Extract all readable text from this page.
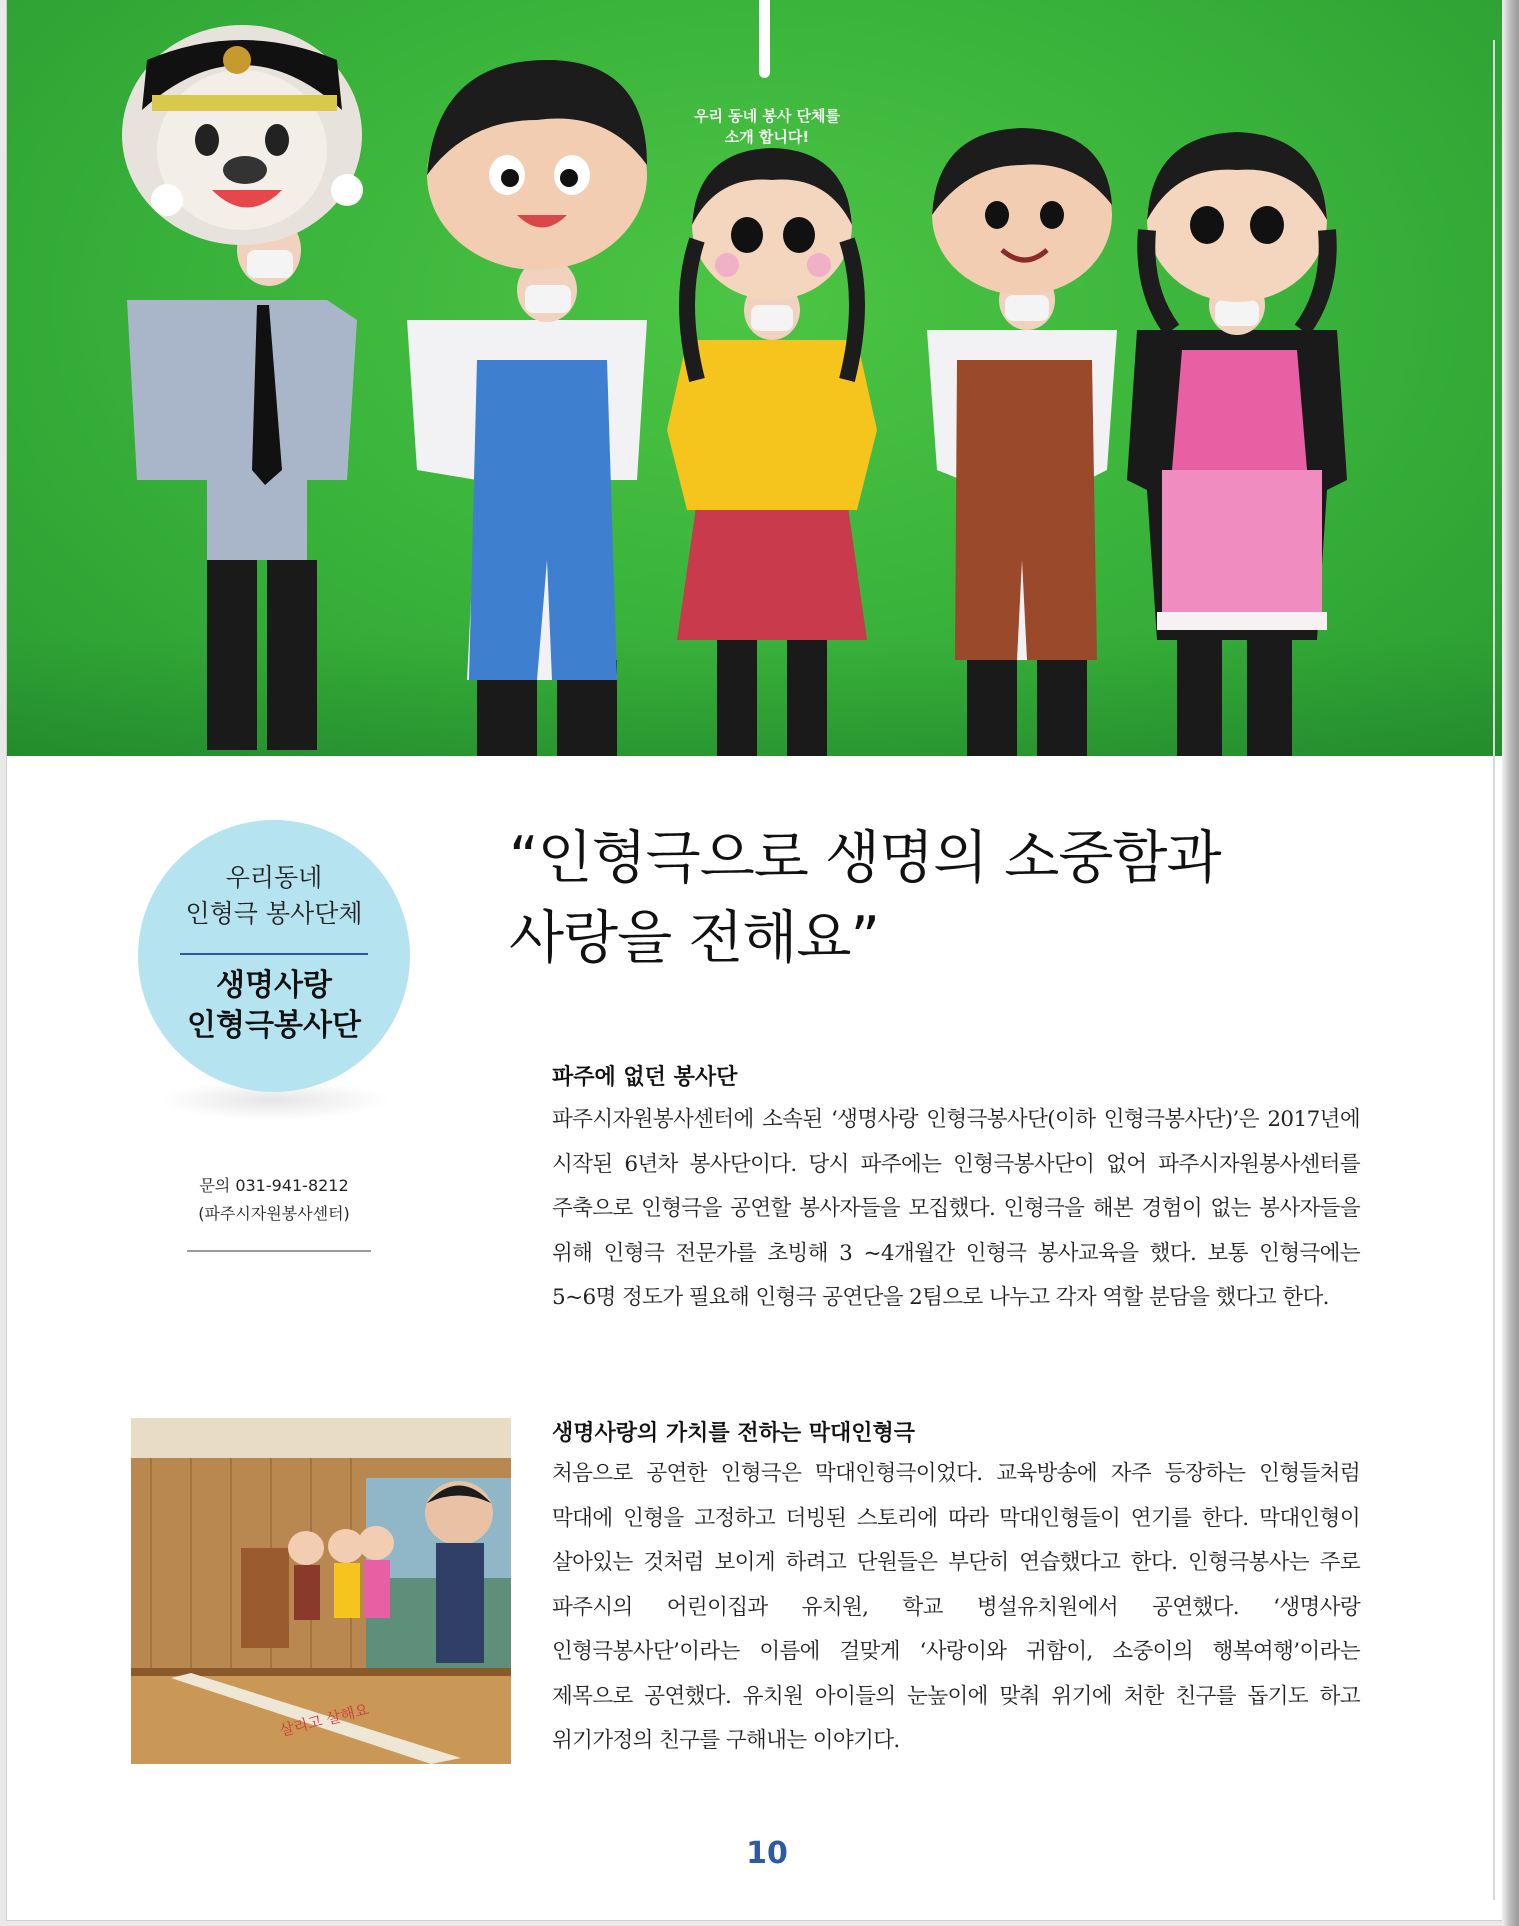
우리 동네 봉사 단체를
소개 합니다!
우리동네
인형극 봉사단체
생명사랑
인형극봉사단
문의 031-941-8212
(파주시자원봉사센터)
“인형극으로 생명의 소중함과
사랑을 전해요”
파주에 없던 봉사단
파주시자원봉사센터에 소속된 ‘생명사랑 인형극봉사단(이하 인형극봉사단)’은 2017년에 시작된 6년차 봉사단이다. 당시 파주에는 인형극봉사단이 없어 파주시자원봉사센터를 주축으로 인형극을 공연할 봉사자들을 모집했다. 인형극을 해본 경험이 없는 봉사자들을 위해 인형극 전문가를 초빙해 3 ~4개월간 인형극 봉사교육을 했다. 보통 인형극에는 5~6명 정도가 필요해 인형극 공연단을 2팀으로 나누고 각자 역할 분담을 했다고 한다.
살리고 살해요
생명사랑의 가치를 전하는 막대인형극
처음으로 공연한 인형극은 막대인형극이었다. 교육방송에 자주 등장하는 인형들처럼 막대에 인형을 고정하고 더빙된 스토리에 따라 막대인형들이 연기를 한다. 막대인형이 살아있는 것처럼 보이게 하려고 단원들은 부단히 연습했다고 한다. 인형극봉사는 주로 파주시의 어린이집과 유치원, 학교 병설유치원에서 공연했다. ‘생명사랑 인형극봉사단’이라는 이름에 걸맞게 ‘사랑이와 귀함이, 소중이의 행복여행’이라는 제목으로 공연했다. 유치원 아이들의 눈높이에 맞춰 위기에 처한 친구를 돕기도 하고 위기가정의 친구를 구해내는 이야기다.
10
